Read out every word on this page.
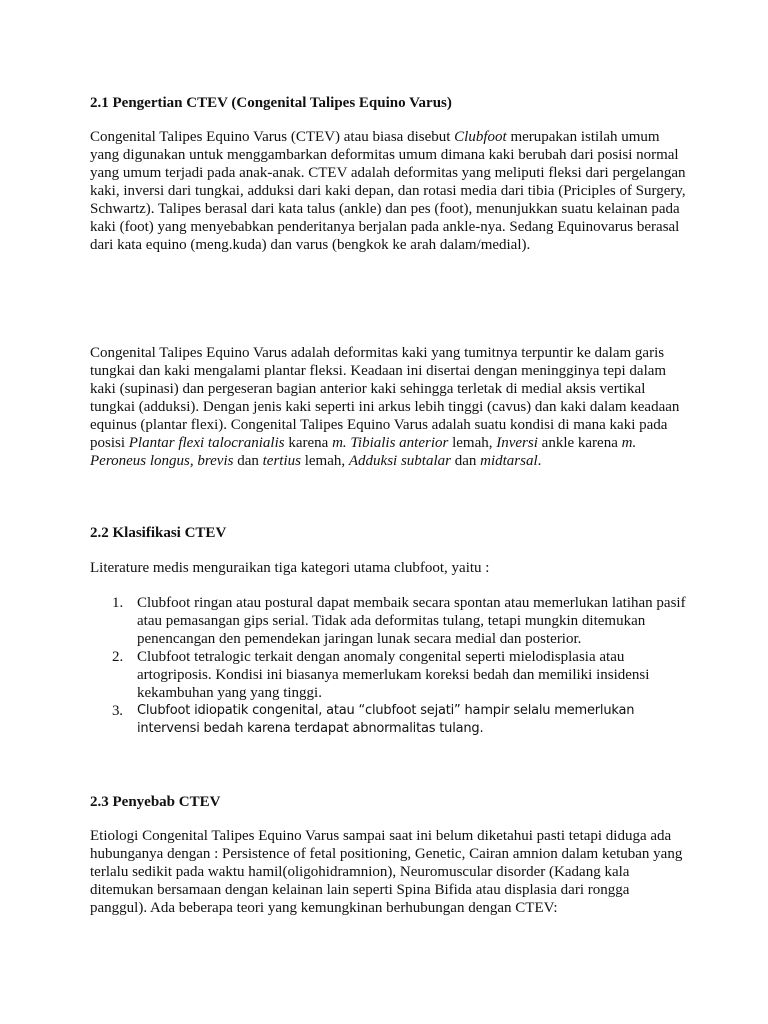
2.1 Pengertian CTEV (Congenital Talipes Equino Varus)

Congenital Talipes Equino Varus (CTEV) atau biasa disebut Clubfoot merupakan istilah umum yang digunakan untuk menggambarkan deformitas umum dimana kaki berubah dari posisi normal yang umum terjadi pada anak-anak. CTEV adalah deformitas yang meliputi fleksi dari pergelangan kaki, inversi dari tungkai, adduksi dari kaki depan, dan rotasi media dari tibia (Priciples of Surgery, Schwartz). Talipes berasal dari kata talus (ankle) dan pes (foot), menunjukkan suatu kelainan pada kaki (foot) yang menyebabkan penderitanya berjalan pada ankle-nya. Sedang Equinovarus berasal dari kata equino (meng.kuda) dan varus (bengkok ke arah dalam/medial).

Congenital Talipes Equino Varus adalah deformitas kaki yang tumitnya terpuntir ke dalam garis tungkai dan kaki mengalami plantar fleksi. Keadaan ini disertai dengan meningginya tepi dalam kaki (supinasi) dan pergeseran bagian anterior kaki sehingga terletak di medial aksis vertikal tungkai (adduksi). Dengan jenis kaki seperti ini arkus lebih tinggi (cavus) dan kaki dalam keadaan equinus (plantar flexi). Congenital Talipes Equino Varus adalah suatu kondisi di mana kaki pada posisi Plantar flexi talocranialis karena m. Tibialis anterior lemah, Inversi ankle karena m. Peroneus longus, brevis dan tertius lemah, Adduksi subtalar dan midtarsal.

2.2 Klasifikasi CTEV
Literature medis menguraikan tiga kategori utama clubfoot, yaitu :
1. Clubfoot ringan atau postural dapat membaik secara spontan atau memerlukan latihan pasif atau pemasangan gips serial. Tidak ada deformitas tulang, tetapi mungkin ditemukan penencangan den pemendekan jaringan lunak secara medial dan posterior.
2. Clubfoot tetralogic terkait dengan anomaly congenital seperti mielodisplasia atau artogriposis. Kondisi ini biasanya memerlukam koreksi bedah dan memiliki insidensi kekambuhan yang yang tinggi.
3. Clubfoot idiopatik congenital, atau “clubfoot sejati” hampir selalu memerlukan intervensi bedah karena terdapat abnormalitas tulang.
2.3 Penyebab CTEV
Etiologi Congenital Talipes Equino Varus sampai saat ini belum diketahui pasti tetapi diduga ada hubunganya dengan : Persistence of fetal positioning, Genetic, Cairan amnion dalam ketuban yang terlalu sedikit pada waktu hamil(oligohidramnion), Neuromuscular disorder (Kadang kala ditemukan bersamaan dengan kelainan lain seperti Spina Bifida atau displasia dari rongga panggul). Ada beberapa teori yang kemungkinan berhubungan dengan CTEV:
